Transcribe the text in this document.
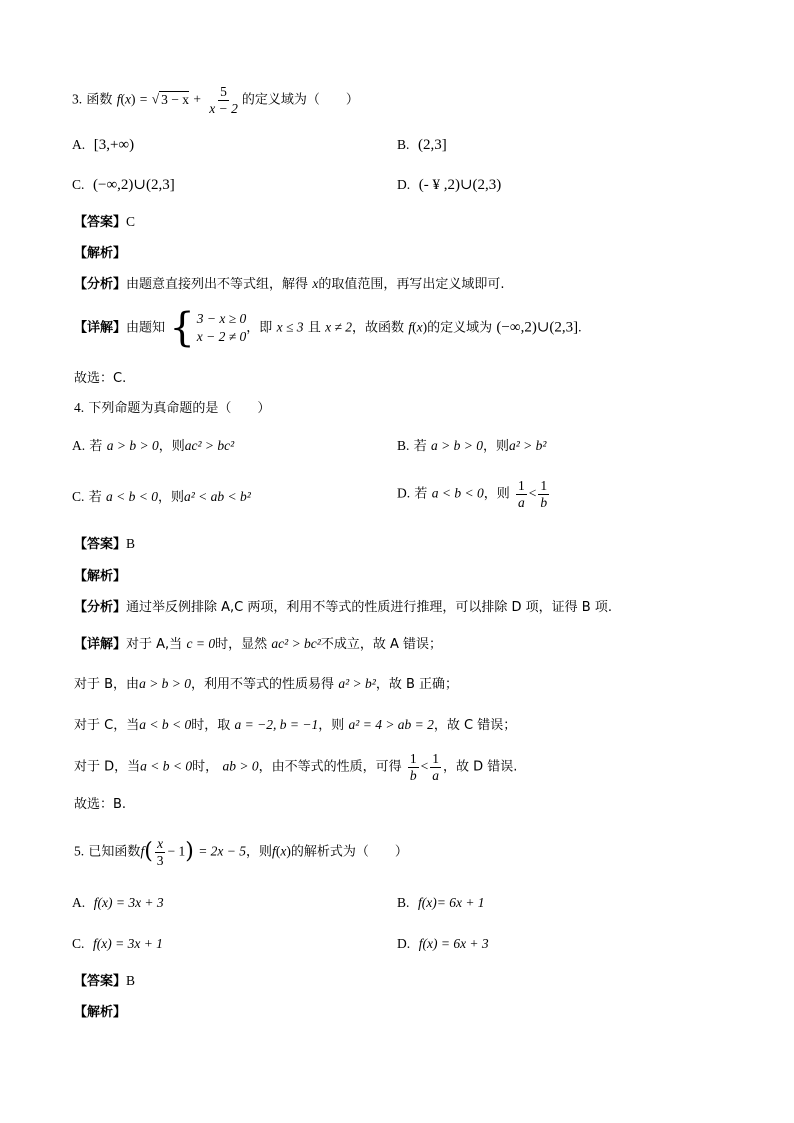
3. 函数 f(x) = √ $3 - x + \frac{5}{x - 2}$ 的定义域为（　　）
A. [3,+∞)	B. (2,3]
C. (−∞,2)∪(2,3]	D. (- ¥ ,2)∪(2,3)
【答案】C
【解析】
【分析】由题意直接列出不等式组，解得 x的取值范围，再写出定义域即可.
【详解】由题知 { 3 − x ≥ 0
x − 2 ≠ 0
，即 x ≤ 3 且 x ≠ 2，故函数 f(x)的定义域为 (−∞,2)∪(2,3].
故选：C.
4. 下列命题为真命题的是（　　）
A. 若 a > b > 0，则ac² > bc²	B. 若 a > b > 0，则a² > b²
C. 若 a < b < 0，则a² < ab < b²	D. 若 a < b < 0，则 $\frac{1}{a} < \frac{1}{b}$
【答案】B
【解析】
【分析】通过举反例排除 A,C 两项，利用不等式的性质进行推理，可以排除 D 项，证得 B 项.
【详解】对于 A,当 c = 0时，显然 ac² > bc²不成立，故 A 错误；
对于 B，由a > b > 0，利用不等式的性质易得 a² > b²，故 B 正确；
对于 C，当a < b < 0时，取 a = −2, b = −1，则 a² = 4 > ab = 2，故 C 错误；
对于 D，当a < b < 0时， ab > 0，由不等式的性质，可得 $\frac{1}{b} < \frac{1}{a}$ ，故 D 错误.
故选：B.
5. 已知函数$f( \frac{x}{3} - 1) = 2x - 5$，则f(x)的解析式为（　　）
A. f(x) = 3x + 3	B. f(x)= 6x + 1
C. f(x) = 3x + 1	D. f(x) = 6x + 3
【答案】B
【解析】
